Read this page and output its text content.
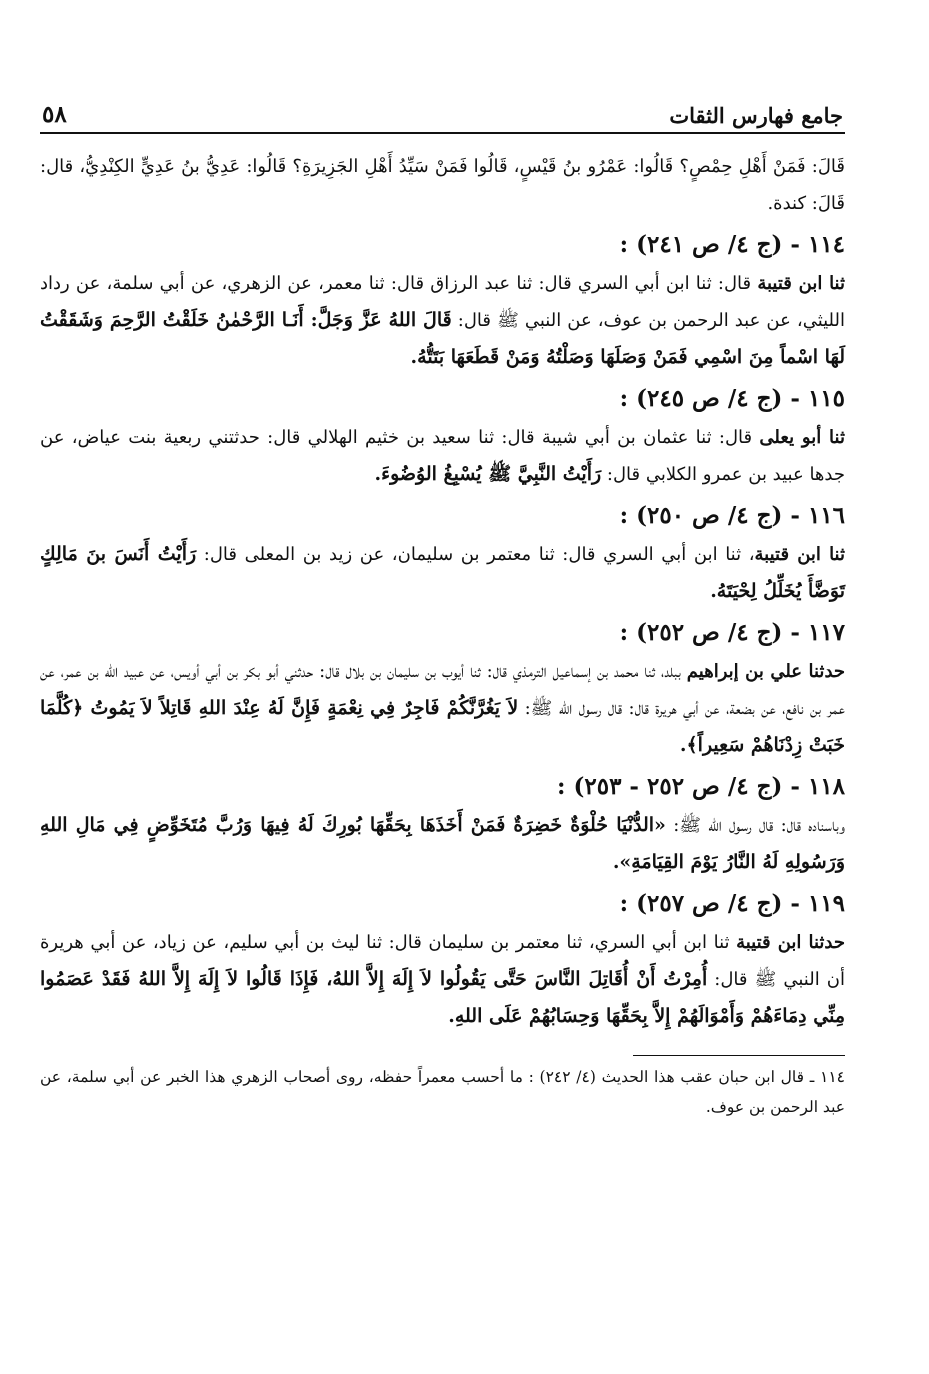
جامع فهارس الثقات
٥٨

قَالَ: فَمَنْ أَهْلِ حِمْصٍ؟ قَالُوا: عَمْرُو بنُ قَيْسٍ، قَالُوا فَمَنْ سَيِّدُ أَهْلِ الجَزِيرَةِ؟ قَالُوا: عَدِيُّ بنُ عَدِيٍّ الكِنْدِيُّ، قال: قَالَ: كندة.

١١٤ - (ج ٤/ ص ٢٤١) :

ثنا ابن قتيبة قال: ثنا ابن أبي السري قال: ثنا عبد الرزاق قال: ثنا معمر، عن الزهري، عن أبي سلمة، عن رداد الليثي، عن عبد الرحمن بن عوف، عن النبي ﷺ قال: قَالَ اللهُ عَزَّ وَجَلَّ: أَنَـا الرَّحْمٰنُ خَلَقْتُ الرَّحِمَ وَشَقَقْتُ لَهَا اسْماً مِنَ اسْمِي فَمَنْ وَصَلَهَا وَصَلْتُهُ وَمَنْ قَطَعَهَا بَتَتُّهُ.

١١٥ - (ج ٤/ ص ٢٤٥) :

ثنا أبو يعلى قال: ثنا عثمان بن أبي شيبة قال: ثنا سعيد بن خثيم الهلالي قال: حدثتني ربعية بنت عياض، عن جدها عبيد بن عمرو الكلابي قال: رَأَيْتُ النَّبِيَّ ﷺ يُسْبِغُ الوُضُوءَ.

١١٦ - (ج ٤/ ص ٢٥٠) :

ثنا ابن قتيبة، ثنا ابن أبي السري قال: ثنا معتمر بن سليمان، عن زيد بن المعلى قال: رَأَيْتُ أَنَسَ بنَ مَالِكٍ تَوَضَّأَ يُخَلِّلُ لِحْيَتَهُ.

١١٧ - (ج ٤/ ص ٢٥٢) :

حدثنا علي بن إبراهيم ببلد، ثنا محمد بن إسماعيل الترمذي قال: ثنا أيوب بن سليمان بن بلال قال: حدثني أبو بكر بن أبي أويس، عن عبيد الله بن عمر، عن عمر بن نافع، عن بضعة، عن أبي هريرة قال: قال رسول الله ﷺ: لاَ يَغُرَّنَّكُمْ فَاجِرٌ فِي نِعْمَةٍ فَإِنَّ لَهُ عِنْدَ اللهِ قَاتِلاً لاَ يَمُوتُ ﴿كُلَّمَا خَبَتْ زِدْنَاهُمْ سَعِيراً﴾.

١١٨ - (ج ٤/ ص ٢٥٢ - ٢٥٣) :

وباسناده قال: قال رسول الله ﷺ: «الدُّنْيَا حُلْوَةٌ خَضِرَةٌ فَمَنْ أَخَذَهَا بِحَقِّهَا بُورِكَ لَهُ فِيهَا وَرُبَّ مُتَخَوِّضٍ فِي مَالِ اللهِ وَرَسُولِهِ لَهُ النَّارُ يَوْمَ القِيَامَةِ».

١١٩ - (ج ٤/ ص ٢٥٧) :

حدثنا ابن قتيبة ثنا ابن أبي السري، ثنا معتمر بن سليمان قال: ثنا ليث بن أبي سليم، عن زياد، عن أبي هريرة أن النبي ﷺ قال: أُمِرْتُ أَنْ أُقَاتِلَ النَّاسَ حَتَّى يَقُولُوا لاَ إِلَهَ إِلاَّ اللهُ، فَإِذَا قَالُوا لاَ إِلَهَ إِلاَّ اللهُ فَقَدْ عَصَمُوا مِنِّي دِمَاءَهُمْ وَأَمْوَالَهُمْ إِلاَّ بِحَقِّهَا وَحِسَابُهُمْ عَلَى اللهِ.

١١٤ ـ قال ابن حبان عقب هذا الحديث (٤/ ٢٤٢) : ما أحسب معمراً حفظه، روى أصحاب الزهري هذا الخبر عن أبي سلمة، عن عبد الرحمن بن عوف.
